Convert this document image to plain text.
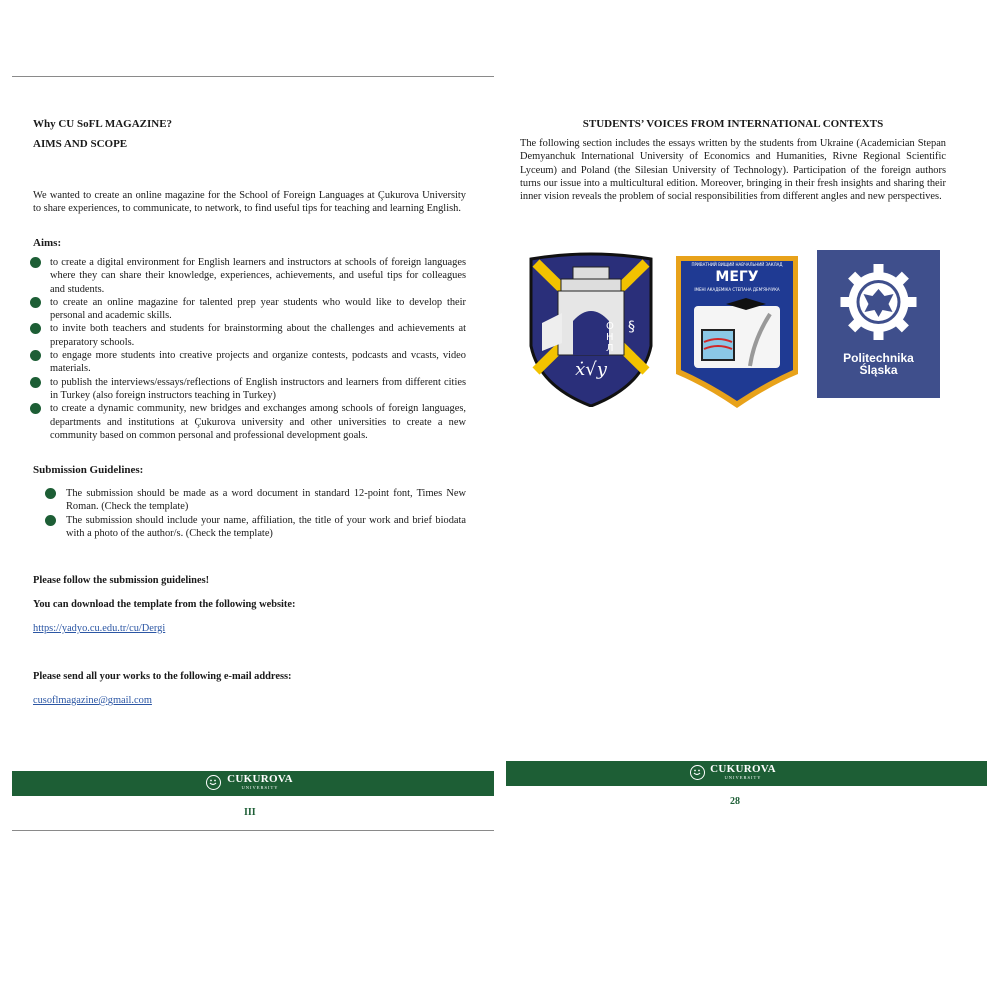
Why CU SoFL MAGAZINE?
AIMS AND SCOPE
We wanted to create an online magazine for the School of Foreign Languages at Çukurova University to share experiences, to communicate, to network, to find useful tips for teaching and learning English.
Aims:
to create a digital environment for English learners and instructors at schools of foreign languages where they can share their knowledge, experiences, achievements, and useful tips for colleagues and students.
to create an online magazine for talented prep year students who would like to develop their personal and academic skills.
to invite both teachers and students for brainstorming about the challenges and achievements at preparatory schools.
to engage more students into creative projects and organize contests, podcasts and vcasts, video materials.
to publish the interviews/essays/reflections of English instructors and learners from different cities in Turkey (also foreign instructors teaching in Turkey)
to create a dynamic community, new bridges and exchanges among schools of foreign languages, departments and institutions at Çukurova university and other universities to create a new community based on common personal and professional development goals.
Submission Guidelines:
The submission should be made as a word document in standard 12-point font, Times New Roman. (Check the template)
The submission should include your name, affiliation, the title of your work and brief biodata with a photo of the author/s. (Check the template)
Please follow the submission guidelines!
You can download the template from the following website:
https://yadyo.cu.edu.tr/cu/Dergi
Please send all your works to the following e-mail address:
cusoflmagazine@gmail.com
CUKUROVA
UNIVERSITY
III
STUDENTS’ VOICES FROM INTERNATIONAL CONTEXTS
The following section includes the essays written by the students from Ukraine (Academician Stepan Demyanchuk International University of Economics and Humanities, Rivne Regional Scientific Lyceum) and Poland (the Silesian University of Technology). Participation of the foreign authors turns our issue into a multicultural edition. Moreover, bringing in their fresh insights and sharing their inner vision reveals the problem of social responsibilities from different angles and new perspectives.
§
ОНЛ
ẋ√y
ПРИВАТНИЙ ВИЩИЙ НАВЧАЛЬНИЙ ЗАКЛАД
МЕГУ
ІМЕНІ АКАДЕМІКА СТЕПАНА ДЕМ'ЯНЧУКА
Politechnika
Śląska
CUKUROVA
UNIVERSITY
28
